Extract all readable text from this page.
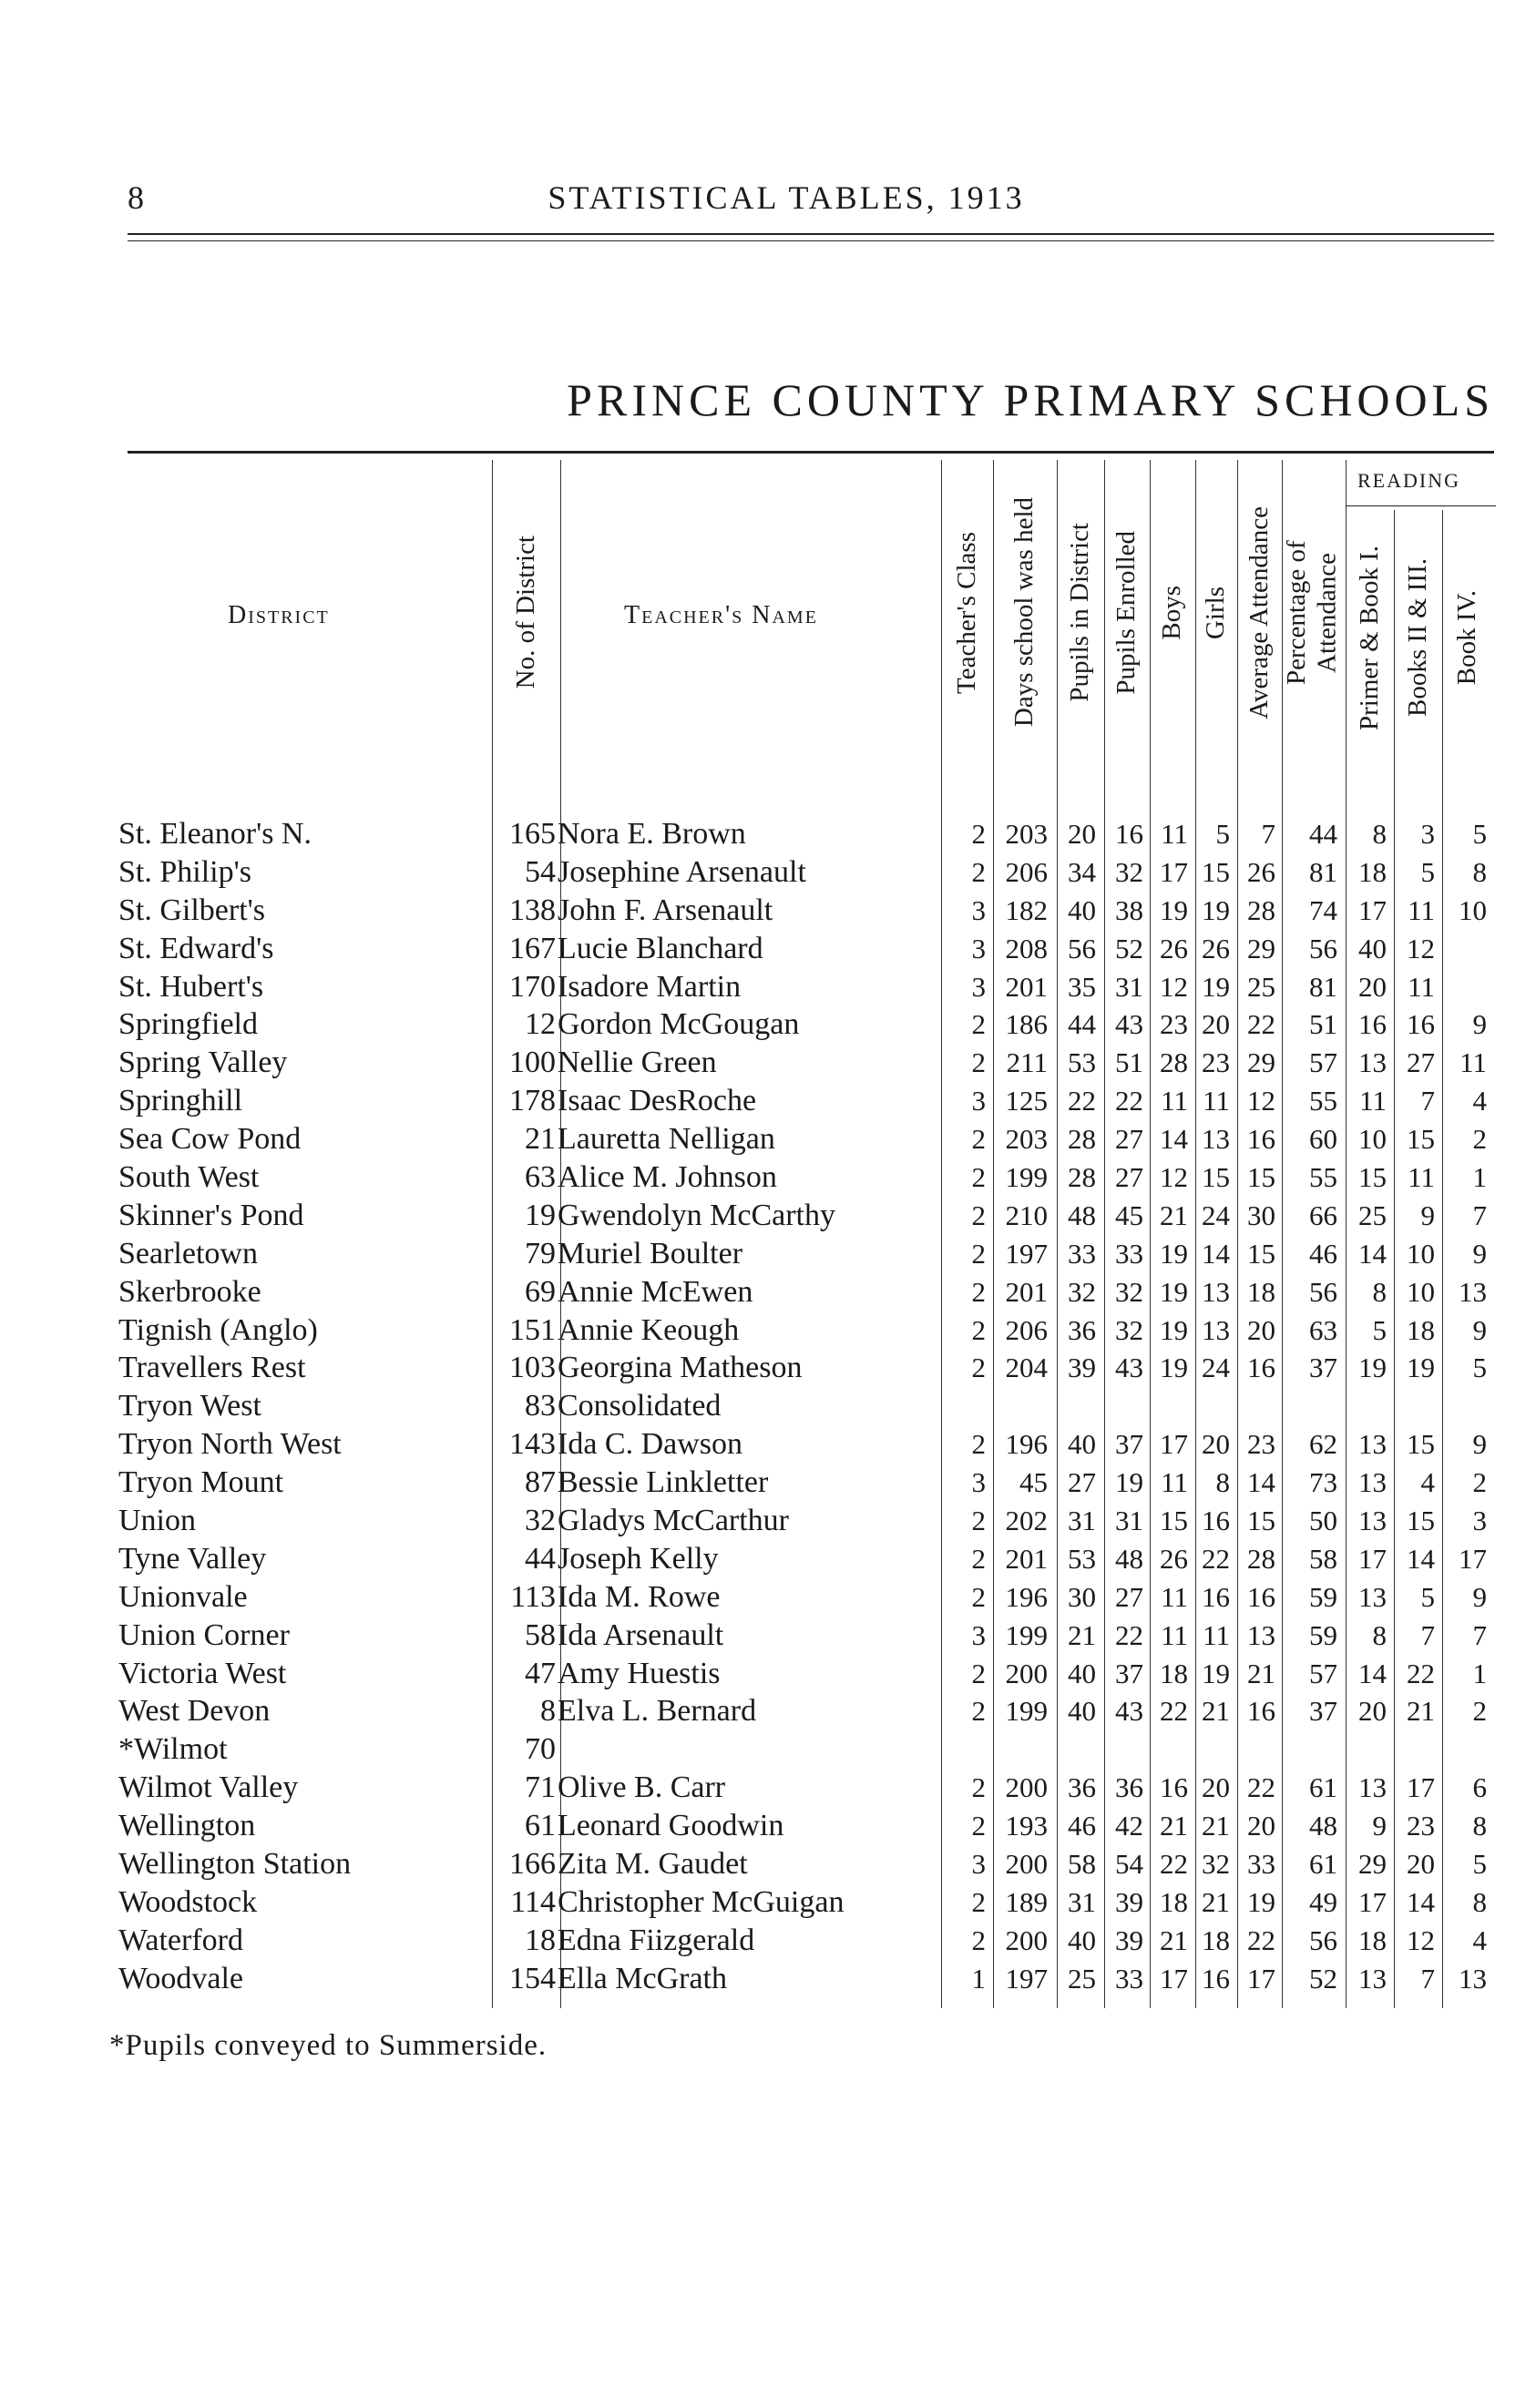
8	STATISTICAL TABLES, 1913
PRINCE COUNTY PRIMARY SCHOOLS
District	No. of District	Teacher's Name	Teacher's Class Days school was held Pupils in District Pupils Enrolled Boys Girls Average Attendance Percentage of Attendance
READING
Primer & Book I. Books II & III. Book IV.
St. Eleanor's N.	165 Nora E. Brown	2 203 20 16 11 5 7 44 8 3 5
St. Philip's	54 Josephine Arsenault	2 206 34 32 17 15 26 81 18 5 8
St. Gilbert's	138 John F. Arsenault	3 182 40 38 19 19 28 74 17 11 10
St. Edward's	167 Lucie Blanchard	3 208 56 52 26 26 29 56 40 12
St. Hubert's	170 Isadore Martin	3 201 35 31 12 19 25 81 20 11
Springfield	12 Gordon McGougan	2 186 44 43 23 20 22 51 16 16 9
Spring Valley	100 Nellie Green	2 211 53 51 28 23 29 57 13 27 11
Springhill	178 Isaac DesRoche	3 125 22 22 11 11 12 55 11 7 4
Sea Cow Pond	21 Lauretta Nelligan	2 203 28 27 14 13 16 60 10 15 2
South West	63 Alice M. Johnson	2 199 28 27 12 15 15 55 15 11 1
Skinner's Pond	19 Gwendolyn McCarthy	2 210 48 45 21 24 30 66 25 9 7
Searletown	79 Muriel Boulter	2 197 33 33 19 14 15 46 14 10 9
Skerbrooke	69 Annie McEwen	2 201 32 32 19 13 18 56 8 10 13
Tignish (Anglo)	151 Annie Keough	2 206 36 32 19 13 20 63 5 18 9
Travellers Rest	103 Georgina Matheson	2 204 39 43 19 24 16 37 19 19 5
Tryon West	83 Consolidated
Tryon North West	143 Ida C. Dawson	2 196 40 37 17 20 23 62 13 15 9
Tryon Mount	87 Bessie Linkletter	3 45 27 19 11 8 14 73 13 4 2
Union	32 Gladys McCarthur	2 202 31 31 15 16 15 50 13 15 3
Tyne Valley	44 Joseph Kelly	2 201 53 48 26 22 28 58 17 14 17
Unionvale	113 Ida M. Rowe	2 196 30 27 11 16 16 59 13 5 9
Union Corner	58 Ida Arsenault	3 199 21 22 11 11 13 59 8 7 7
Victoria West	47 Amy Huestis	2 200 40 37 18 19 21 57 14 22 1
West Devon	8 Elva L. Bernard	2 199 40 43 22 21 16 37 20 21 2
*Wilmot	70
Wilmot Valley	71 Olive B. Carr	2 200 36 36 16 20 22 61 13 17 6
Wellington	61 Leonard Goodwin	2 193 46 42 21 21 20 48 9 23 8
Wellington Station	166 Zita M. Gaudet	3 200 58 54 22 32 33 61 29 20 5
Woodstock	114 Christopher McGuigan	2 189 31 39 18 21 19 49 17 14 8
Waterford	18 Edna Fiizgerald	2 200 40 39 21 18 22 56 18 12 4
Woodvale	154 Ella McGrath	1 197 25 33 17 16 17 52 13 7 13
*Pupils conveyed to Summerside.
